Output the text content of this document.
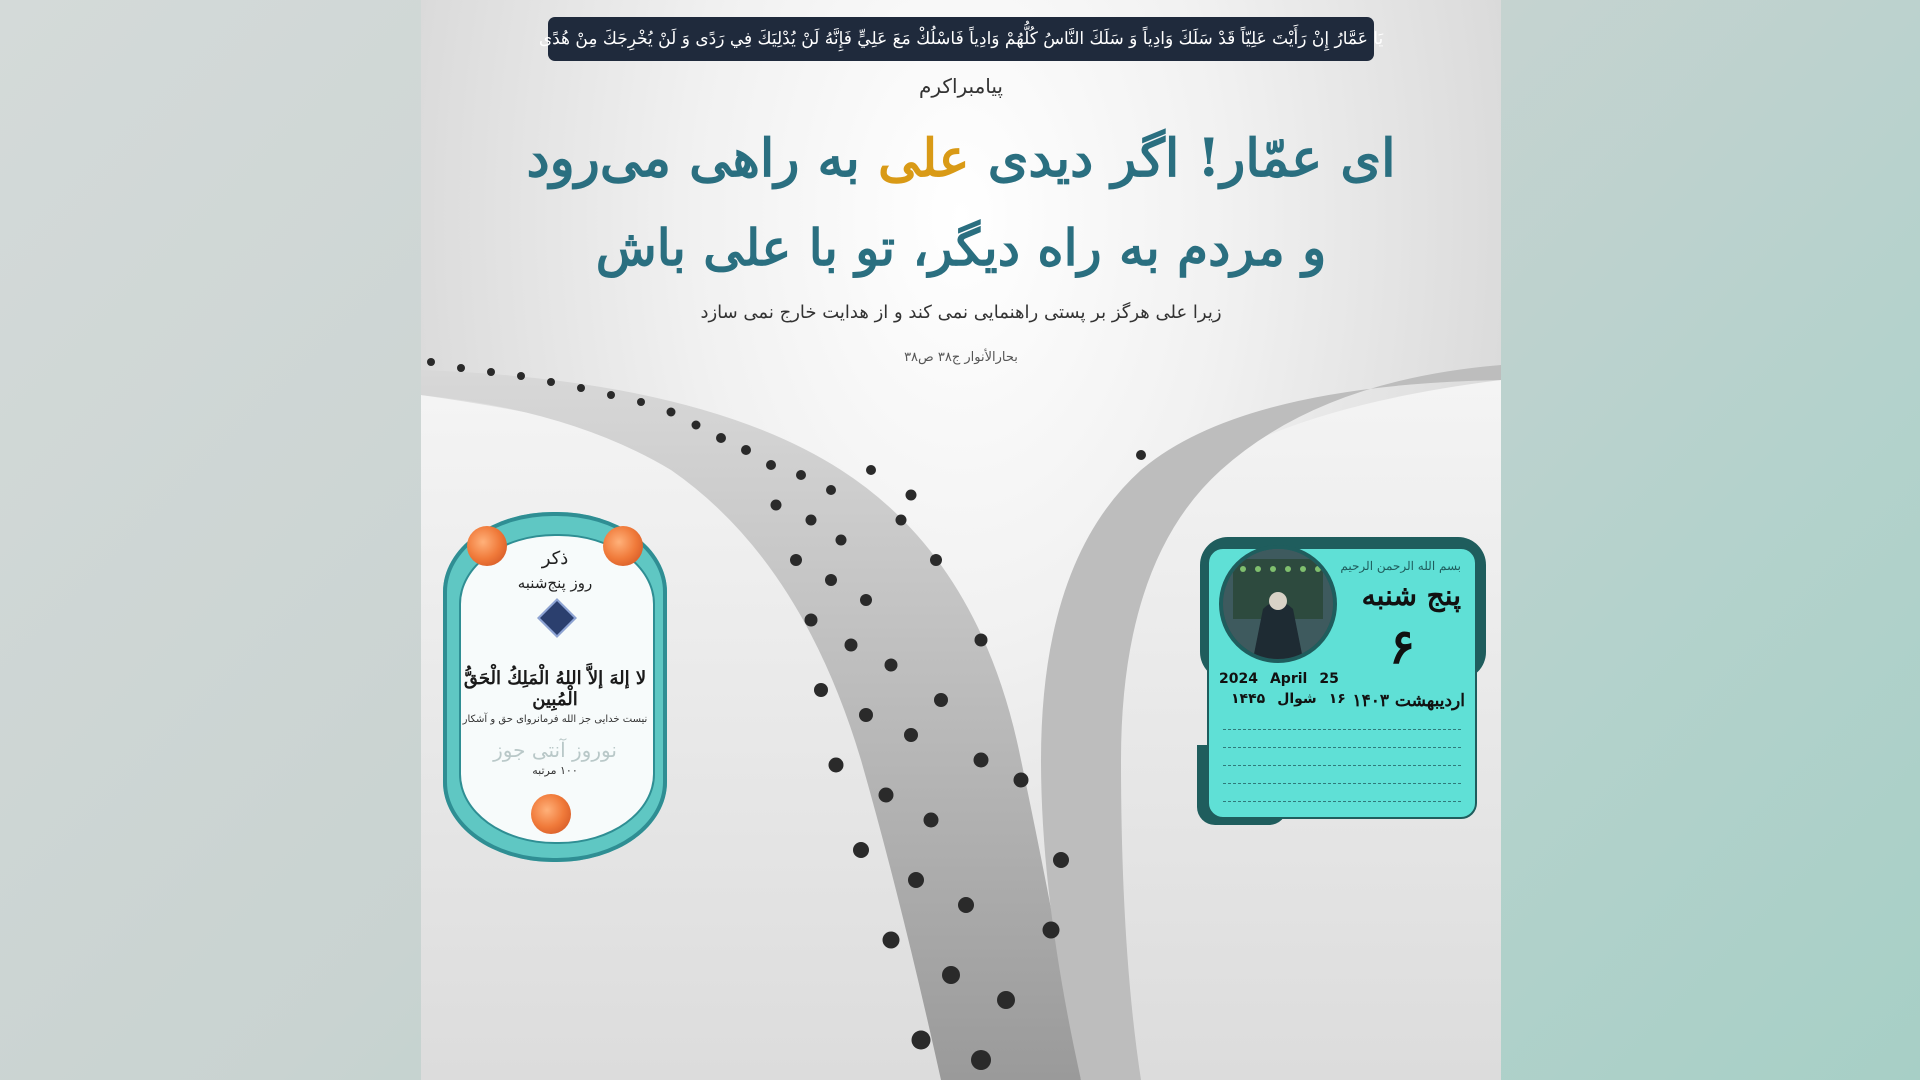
يَا عَمَّارُ إِنْ رَأَيْتَ عَلِيّاً قَدْ سَلَكَ وَادِياً وَ سَلَكَ النَّاسُ كُلُّهُمْ وَادِياً فَاسْلُكْ مَعَ عَلِيٍّ فَإِنَّهُ لَنْ يُدْلِيَكَ فِي رَدًى وَ لَنْ يُخْرِجَكَ مِنْ هُدًى
پیامبراکرم
ای عمّار! اگر دیدی علی به راهی می‌رود
و مردم به راه دیگر، تو با علی باش
زیرا علی هرگز بر پستی راهنمایی نمی کند و از هدایت خارج نمی سازد
بحارالأنوار ج۳۸ ص۳۸
ذکر
روز پنج‌شنبه
لا إلهَ إلاَّ اللهُ الْمَلِكُ الْحَقُّ الْمُبِين
نیست خدایی جز الله فرمانروای حق و آشکار
نوروز آنتی جوز
۱۰۰ مرتبه
بسم الله الرحمن الرحیم
پنج شنبه
۶
اردیبهشت ۱۴۰۳
2024 April 25
۱۶شوال۱۴۴۵
